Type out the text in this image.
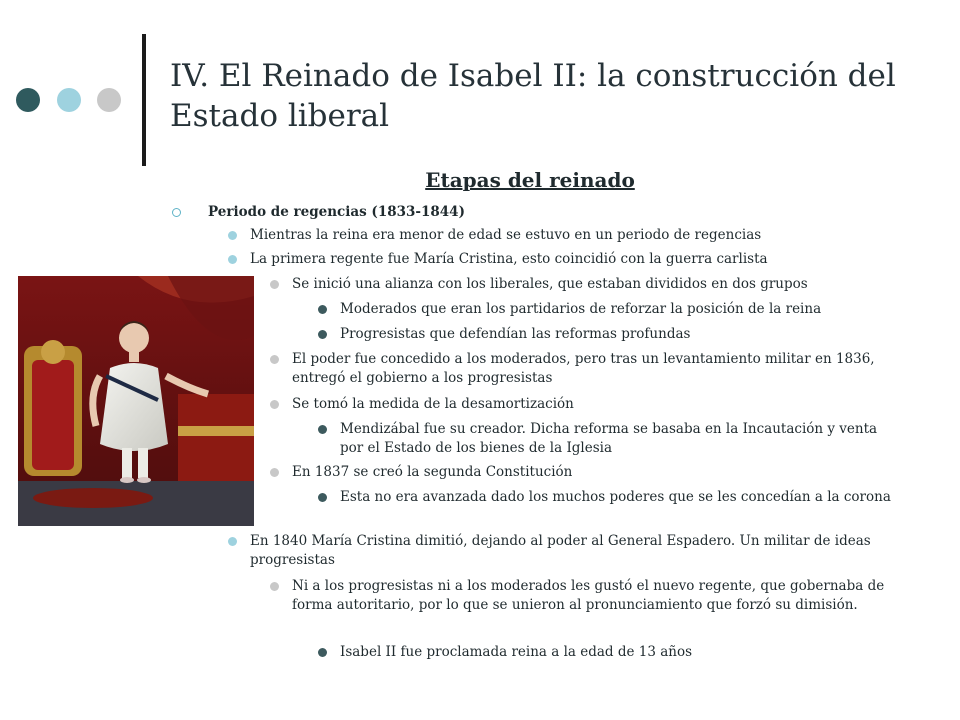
IV. El Reinado de Isabel II: la construcción del Estado liberal
Etapas del reinado
Periodo de regencias (1833-1844)
Mientras la reina era menor de edad se estuvo en un periodo de regencias
La primera regente fue María Cristina, esto coincidió con la guerra carlista
Se inició una alianza con los liberales, que estaban divididos en dos grupos
Moderados que eran los partidarios de reforzar la posición de la reina
Progresistas que defendían las reformas profundas
El poder fue concedido a los moderados, pero tras un levantamiento militar en 1836, entregó el gobierno a los progresistas
Se tomó la medida de la desamortización
Mendizábal fue su creador. Dicha reforma se basaba en la Incautación y venta por el Estado de los bienes de la Iglesia
En 1837 se creó la segunda Constitución
Esta no era avanzada dado los muchos poderes que se les concedían a la corona
En 1840 María Cristina dimitió, dejando al poder al General Espadero. Un militar de ideas progresistas
Ni a los progresistas ni a los moderados les gustó el nuevo regente, que gobernaba de forma autoritario, por lo que se unieron al pronunciamiento que forzó su dimisión.
Isabel II fue proclamada reina a la edad de 13 años
